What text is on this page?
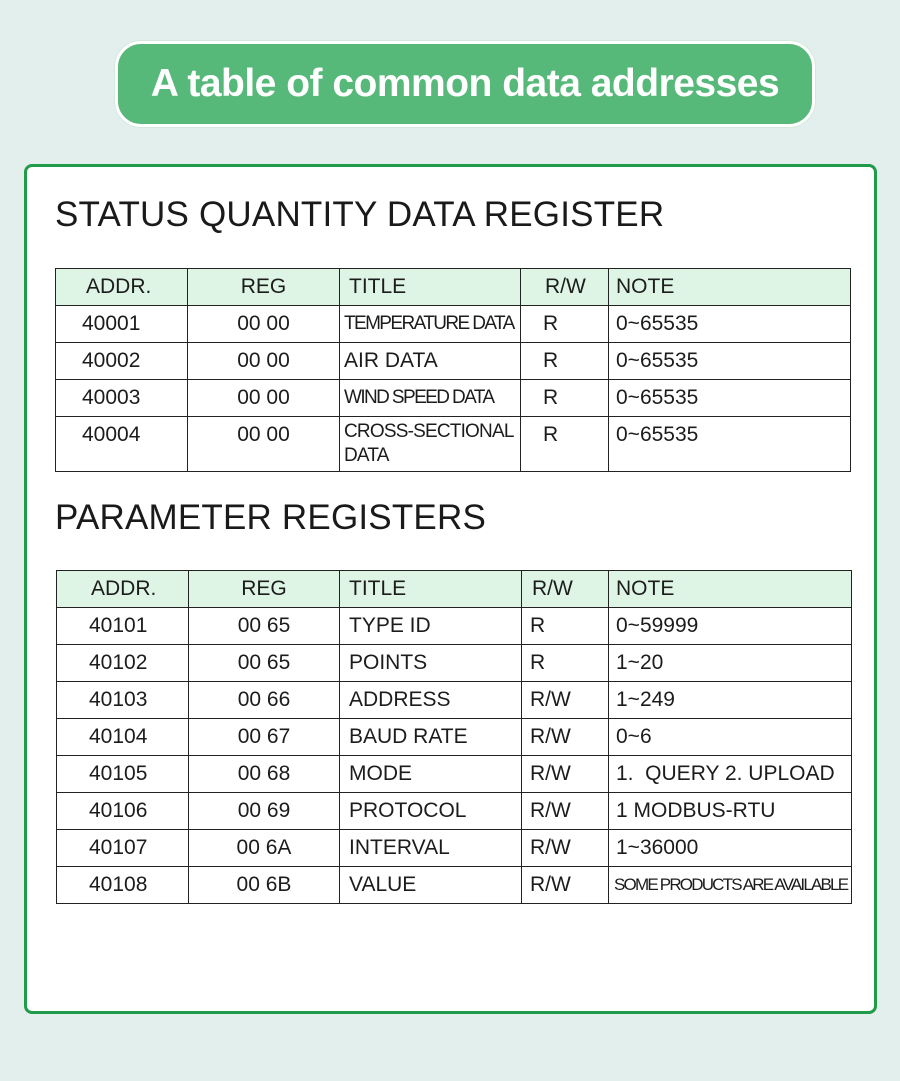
A table of common data addresses
STATUS QUANTITY DATA REGISTER
ADDR.	REG	TITLE	R/W	NOTE
40001	00 00	TEMPERATURE DATA	R	0~65535
40002	00 00	AIR DATA	R	0~65535
40003	00 00	WIND SPEED DATA	R	0~65535
40004	00 00	CROSS-SECTIONAL DATA	R	0~65535
PARAMETER REGISTERS
ADDR.	REG	TITLE	R/W	NOTE
40101	00 65	TYPE ID	R	0~59999
40102	00 65	POINTS	R	1~20
40103	00 66	ADDRESS	R/W	1~249
40104	00 67	BAUD RATE	R/W	0~6
40105	00 68	MODE	R/W	1.  QUERY 2. UPLOAD
40106	00 69	PROTOCOL	R/W	1 MODBUS-RTU
40107	00 6A	INTERVAL	R/W	1~36000
40108	00 6B	VALUE	R/W	SOME PRODUCTS ARE AVAILABLE
